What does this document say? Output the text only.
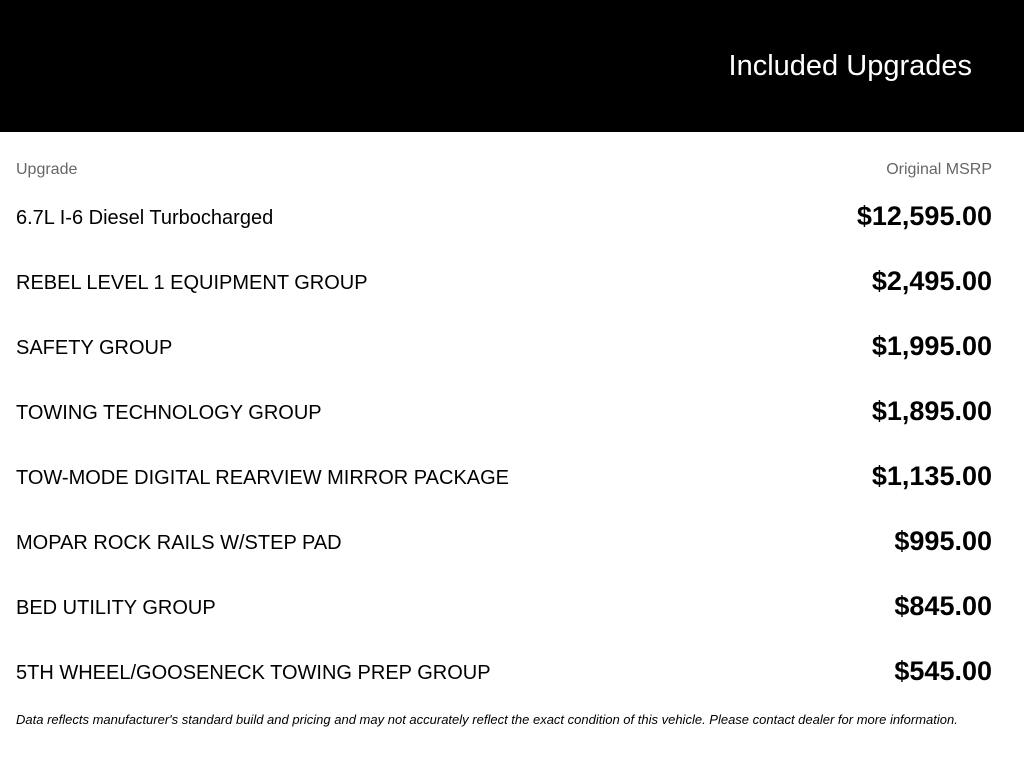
Included Upgrades
Upgrade	Original MSRP
6.7L I-6 Diesel Turbocharged	$12,595.00
REBEL LEVEL 1 EQUIPMENT GROUP	$2,495.00
SAFETY GROUP	$1,995.00
TOWING TECHNOLOGY GROUP	$1,895.00
TOW-MODE DIGITAL REARVIEW MIRROR PACKAGE	$1,135.00
MOPAR ROCK RAILS W/STEP PAD	$995.00
BED UTILITY GROUP	$845.00
5TH WHEEL/GOOSENECK TOWING PREP GROUP	$545.00
Data reflects manufacturer's standard build and pricing and may not accurately reflect the exact condition of this vehicle. Please contact dealer for more information.
